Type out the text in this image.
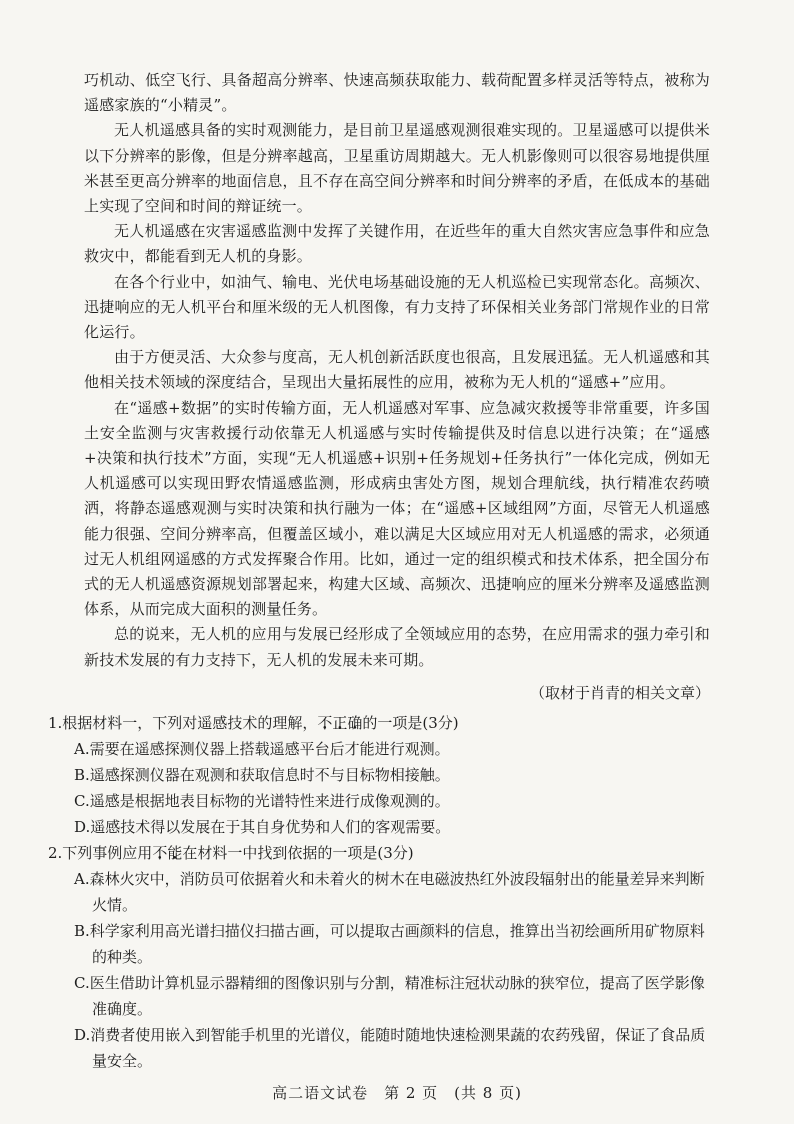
巧机动、低空飞行、具备超高分辨率、快速高频获取能力、载荷配置多样灵活等特点，被称为遥感家族的“小精灵”。

无人机遥感具备的实时观测能力，是目前卫星遥感观测很难实现的。卫星遥感可以提供米以下分辨率的影像，但是分辨率越高，卫星重访周期越大。无人机影像则可以很容易地提供厘米甚至更高分辨率的地面信息，且不存在高空间分辨率和时间分辨率的矛盾，在低成本的基础上实现了空间和时间的辩证统一。

无人机遥感在灾害遥感监测中发挥了关键作用，在近些年的重大自然灾害应急事件和应急救灾中，都能看到无人机的身影。

在各个行业中，如油气、输电、光伏电场基础设施的无人机巡检已实现常态化。高频次、迅捷响应的无人机平台和厘米级的无人机图像，有力支持了环保相关业务部门常规作业的日常化运行。

由于方便灵活、大众参与度高，无人机创新活跃度也很高，且发展迅猛。无人机遥感和其他相关技术领域的深度结合，呈现出大量拓展性的应用，被称为无人机的“遥感+”应用。

在“遥感+数据”的实时传输方面，无人机遥感对军事、应急减灾救援等非常重要，许多国土安全监测与灾害救援行动依靠无人机遥感与实时传输提供及时信息以进行决策；在“遥感+决策和执行技术”方面，实现“无人机遥感+识别+任务规划+任务执行”一体化完成，例如无人机遥感可以实现田野农情遥感监测，形成病虫害处方图，规划合理航线，执行精准农药喷洒，将静态遥感观测与实时决策和执行融为一体；在“遥感+区域组网”方面，尽管无人机遥感能力很强、空间分辨率高，但覆盖区域小，难以满足大区域应用对无人机遥感的需求，必须通过无人机组网遥感的方式发挥聚合作用。比如，通过一定的组织模式和技术体系，把全国分布式的无人机遥感资源规划部署起来，构建大区域、高频次、迅捷响应的厘米分辨率及遥感监测体系，从而完成大面积的测量任务。

总的说来，无人机的应用与发展已经形成了全领域应用的态势，在应用需求的强力牵引和新技术发展的有力支持下，无人机的发展未来可期。

（取材于肖青的相关文章）

1.根据材料一，下列对遥感技术的理解，不正确的一项是(3分)

A.需要在遥感探测仪器上搭载遥感平台后才能进行观测。

B.遥感探测仪器在观测和获取信息时不与目标物相接触。

C.遥感是根据地表目标物的光谱特性来进行成像观测的。

D.遥感技术得以发展在于其自身优势和人们的客观需要。

2.下列事例应用不能在材料一中找到依据的一项是(3分)

A.森林火灾中，消防员可依据着火和未着火的树木在电磁波热红外波段辐射出的能量差异来判断火情。

B.科学家利用高光谱扫描仪扫描古画，可以提取古画颜料的信息，推算出当初绘画所用矿物原料的种类。

C.医生借助计算机显示器精细的图像识别与分割，精准标注冠状动脉的狭窄位，提高了医学影像准确度。

D.消费者使用嵌入到智能手机里的光谱仪，能随时随地快速检测果蔬的农药残留，保证了食品质量安全。

高二语文试卷　第 2 页　(共 8 页)
